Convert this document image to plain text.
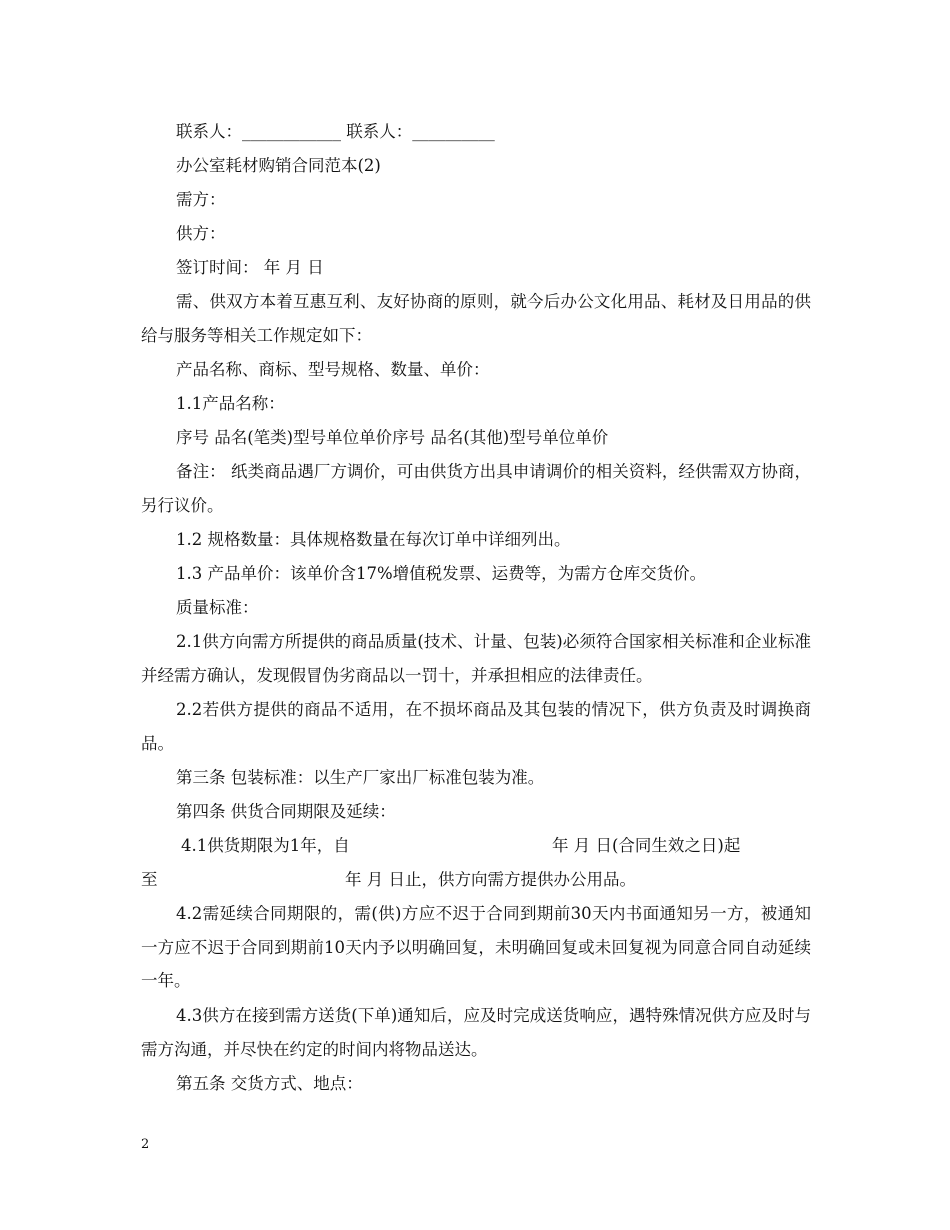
联系人：____________ 联系人：__________
办公室耗材购销合同范本(2)
需方：
供方：
签订时间： 年 月 日
需、供双方本着互惠互利、友好协商的原则，就今后办公文化用品、耗材及日用品的供给与服务等相关工作规定如下：
产品名称、商标、型号规格、数量、单价：
1.1产品名称：
序号 品名(笔类)型号单位单价序号 品名(其他)型号单位单价
备注： 纸类商品遇厂方调价，可由供货方出具申请调价的相关资料，经供需双方协商，另行议价。
1.2 规格数量：具体规格数量在每次订单中详细列出。
1.3 产品单价：该单价含17%增值税发票、运费等，为需方仓库交货价。
质量标准：
2.1供方向需方所提供的商品质量(技术、计量、包装)必须符合国家相关标准和企业标准并经需方确认，发现假冒伪劣商品以一罚十，并承担相应的法律责任。
2.2若供方提供的商品不适用，在不损坏商品及其包装的情况下，供方负责及时调换商品。
第三条 包装标准：以生产厂家出厂标准包装为准。
第四条 供货合同期限及延续：
4.1供货期限为1年，自	年 月 日(合同生效之日)起
至	年 月 日止，供方向需方提供办公用品。
4.2需延续合同期限的，需(供)方应不迟于合同到期前30天内书面通知另一方，被通知一方应不迟于合同到期前10天内予以明确回复，未明确回复或未回复视为同意合同自动延续一年。
4.3供方在接到需方送货(下单)通知后，应及时完成送货响应，遇特殊情况供方应及时与需方沟通，并尽快在约定的时间内将物品送达。
第五条 交货方式、地点：
2
